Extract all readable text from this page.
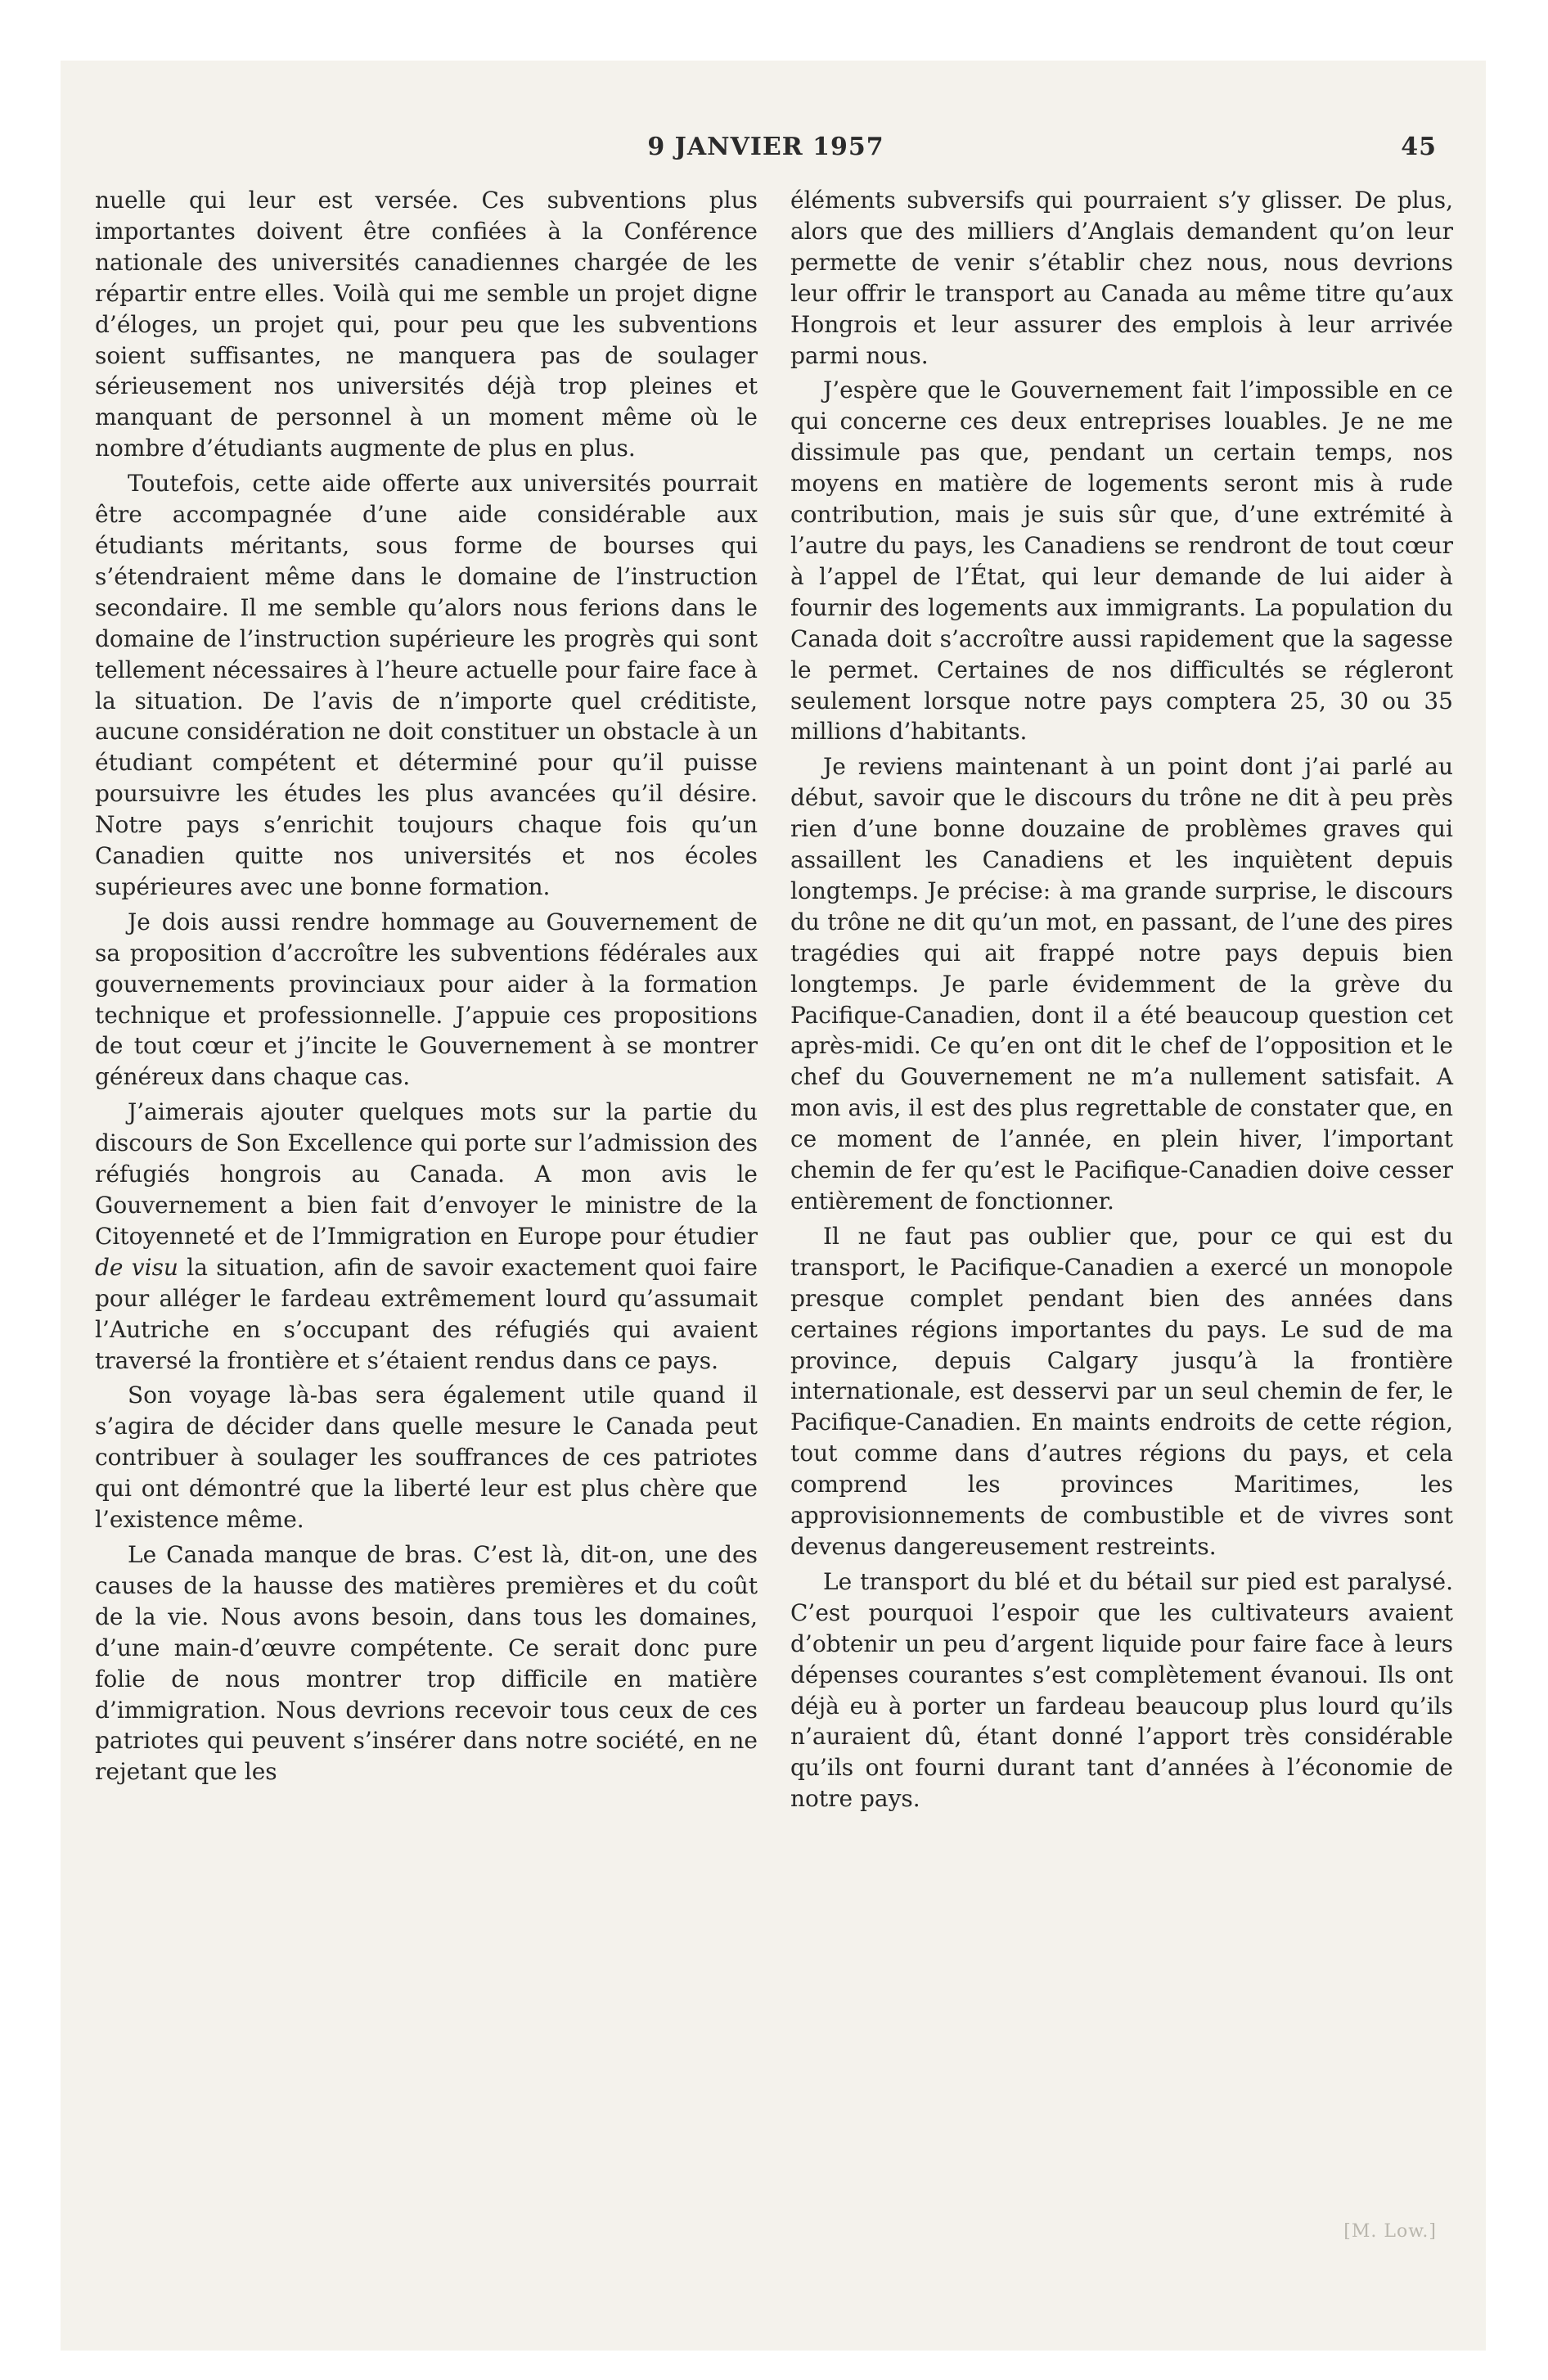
9 JANVIER 1957	45

nuelle qui leur est versée. Ces subventions plus importantes doivent être confiées à la Conférence nationale des universités canadiennes chargée de les répartir entre elles. Voilà qui me semble un projet digne d’éloges, un projet qui, pour peu que les subventions soient suffisantes, ne manquera pas de soulager sérieusement nos universités déjà trop pleines et manquant de personnel à un moment même où le nombre d’étudiants augmente de plus en plus.

Toutefois, cette aide offerte aux universités pourrait être accompagnée d’une aide considérable aux étudiants méritants, sous forme de bourses qui s’étendraient même dans le domaine de l’instruction secondaire. Il me semble qu’alors nous ferions dans le domaine de l’instruction supérieure les progrès qui sont tellement nécessaires à l’heure actuelle pour faire face à la situation. De l’avis de n’importe quel créditiste, aucune considération ne doit constituer un obstacle à un étudiant compétent et déterminé pour qu’il puisse poursuivre les études les plus avancées qu’il désire. Notre pays s’enrichit toujours chaque fois qu’un Canadien quitte nos universités et nos écoles supérieures avec une bonne formation.

Je dois aussi rendre hommage au Gouvernement de sa proposition d’accroître les subventions fédérales aux gouvernements provinciaux pour aider à la formation technique et professionnelle. J’appuie ces propositions de tout cœur et j’incite le Gouvernement à se montrer généreux dans chaque cas.

J’aimerais ajouter quelques mots sur la partie du discours de Son Excellence qui porte sur l’admission des réfugiés hongrois au Canada. A mon avis le Gouvernement a bien fait d’envoyer le ministre de la Citoyenneté et de l’Immigration en Europe pour étudier de visu la situation, afin de savoir exactement quoi faire pour alléger le fardeau extrêmement lourd qu’assumait l’Autriche en s’occupant des réfugiés qui avaient traversé la frontière et s’étaient rendus dans ce pays.

Son voyage là-bas sera également utile quand il s’agira de décider dans quelle mesure le Canada peut contribuer à soulager les souffrances de ces patriotes qui ont démontré que la liberté leur est plus chère que l’existence même.

Le Canada manque de bras. C’est là, dit-on, une des causes de la hausse des matières premières et du coût de la vie. Nous avons besoin, dans tous les domaines, d’une main-d’œuvre compétente. Ce serait donc pure folie de nous montrer trop difficile en matière d’immigration. Nous devrions recevoir tous ceux de ces patriotes qui peuvent s’insérer dans notre société, en ne rejetant que les

éléments subversifs qui pourraient s’y glisser. De plus, alors que des milliers d’Anglais demandent qu’on leur permette de venir s’établir chez nous, nous devrions leur offrir le transport au Canada au même titre qu’aux Hongrois et leur assurer des emplois à leur arrivée parmi nous.

J’espère que le Gouvernement fait l’impossible en ce qui concerne ces deux entreprises louables. Je ne me dissimule pas que, pendant un certain temps, nos moyens en matière de logements seront mis à rude contribution, mais je suis sûr que, d’une extrémité à l’autre du pays, les Canadiens se rendront de tout cœur à l’appel de l’État, qui leur demande de lui aider à fournir des logements aux immigrants. La population du Canada doit s’accroître aussi rapidement que la sagesse le permet. Certaines de nos difficultés se régleront seulement lorsque notre pays comptera 25, 30 ou 35 millions d’habitants.

Je reviens maintenant à un point dont j’ai parlé au début, savoir que le discours du trône ne dit à peu près rien d’une bonne douzaine de problèmes graves qui assaillent les Canadiens et les inquiètent depuis longtemps. Je précise: à ma grande surprise, le discours du trône ne dit qu’un mot, en passant, de l’une des pires tragédies qui ait frappé notre pays depuis bien longtemps. Je parle évidemment de la grève du Pacifique-Canadien, dont il a été beaucoup question cet après-midi. Ce qu’en ont dit le chef de l’opposition et le chef du Gouvernement ne m’a nullement satisfait. A mon avis, il est des plus regrettable de constater que, en ce moment de l’année, en plein hiver, l’important chemin de fer qu’est le Pacifique-Canadien doive cesser entièrement de fonctionner.

Il ne faut pas oublier que, pour ce qui est du transport, le Pacifique-Canadien a exercé un monopole presque complet pendant bien des années dans certaines régions importantes du pays. Le sud de ma province, depuis Calgary jusqu’à la frontière internationale, est desservi par un seul chemin de fer, le Pacifique-Canadien. En maints endroits de cette région, tout comme dans d’autres régions du pays, et cela comprend les provinces Maritimes, les approvisionnements de combustible et de vivres sont devenus dangereusement restreints.

Le transport du blé et du bétail sur pied est paralysé. C’est pourquoi l’espoir que les cultivateurs avaient d’obtenir un peu d’argent liquide pour faire face à leurs dépenses courantes s’est complètement évanoui. Ils ont déjà eu à porter un fardeau beaucoup plus lourd qu’ils n’auraient dû, étant donné l’apport très considérable qu’ils ont fourni durant tant d’années à l’économie de notre pays.

[M. Low.]
